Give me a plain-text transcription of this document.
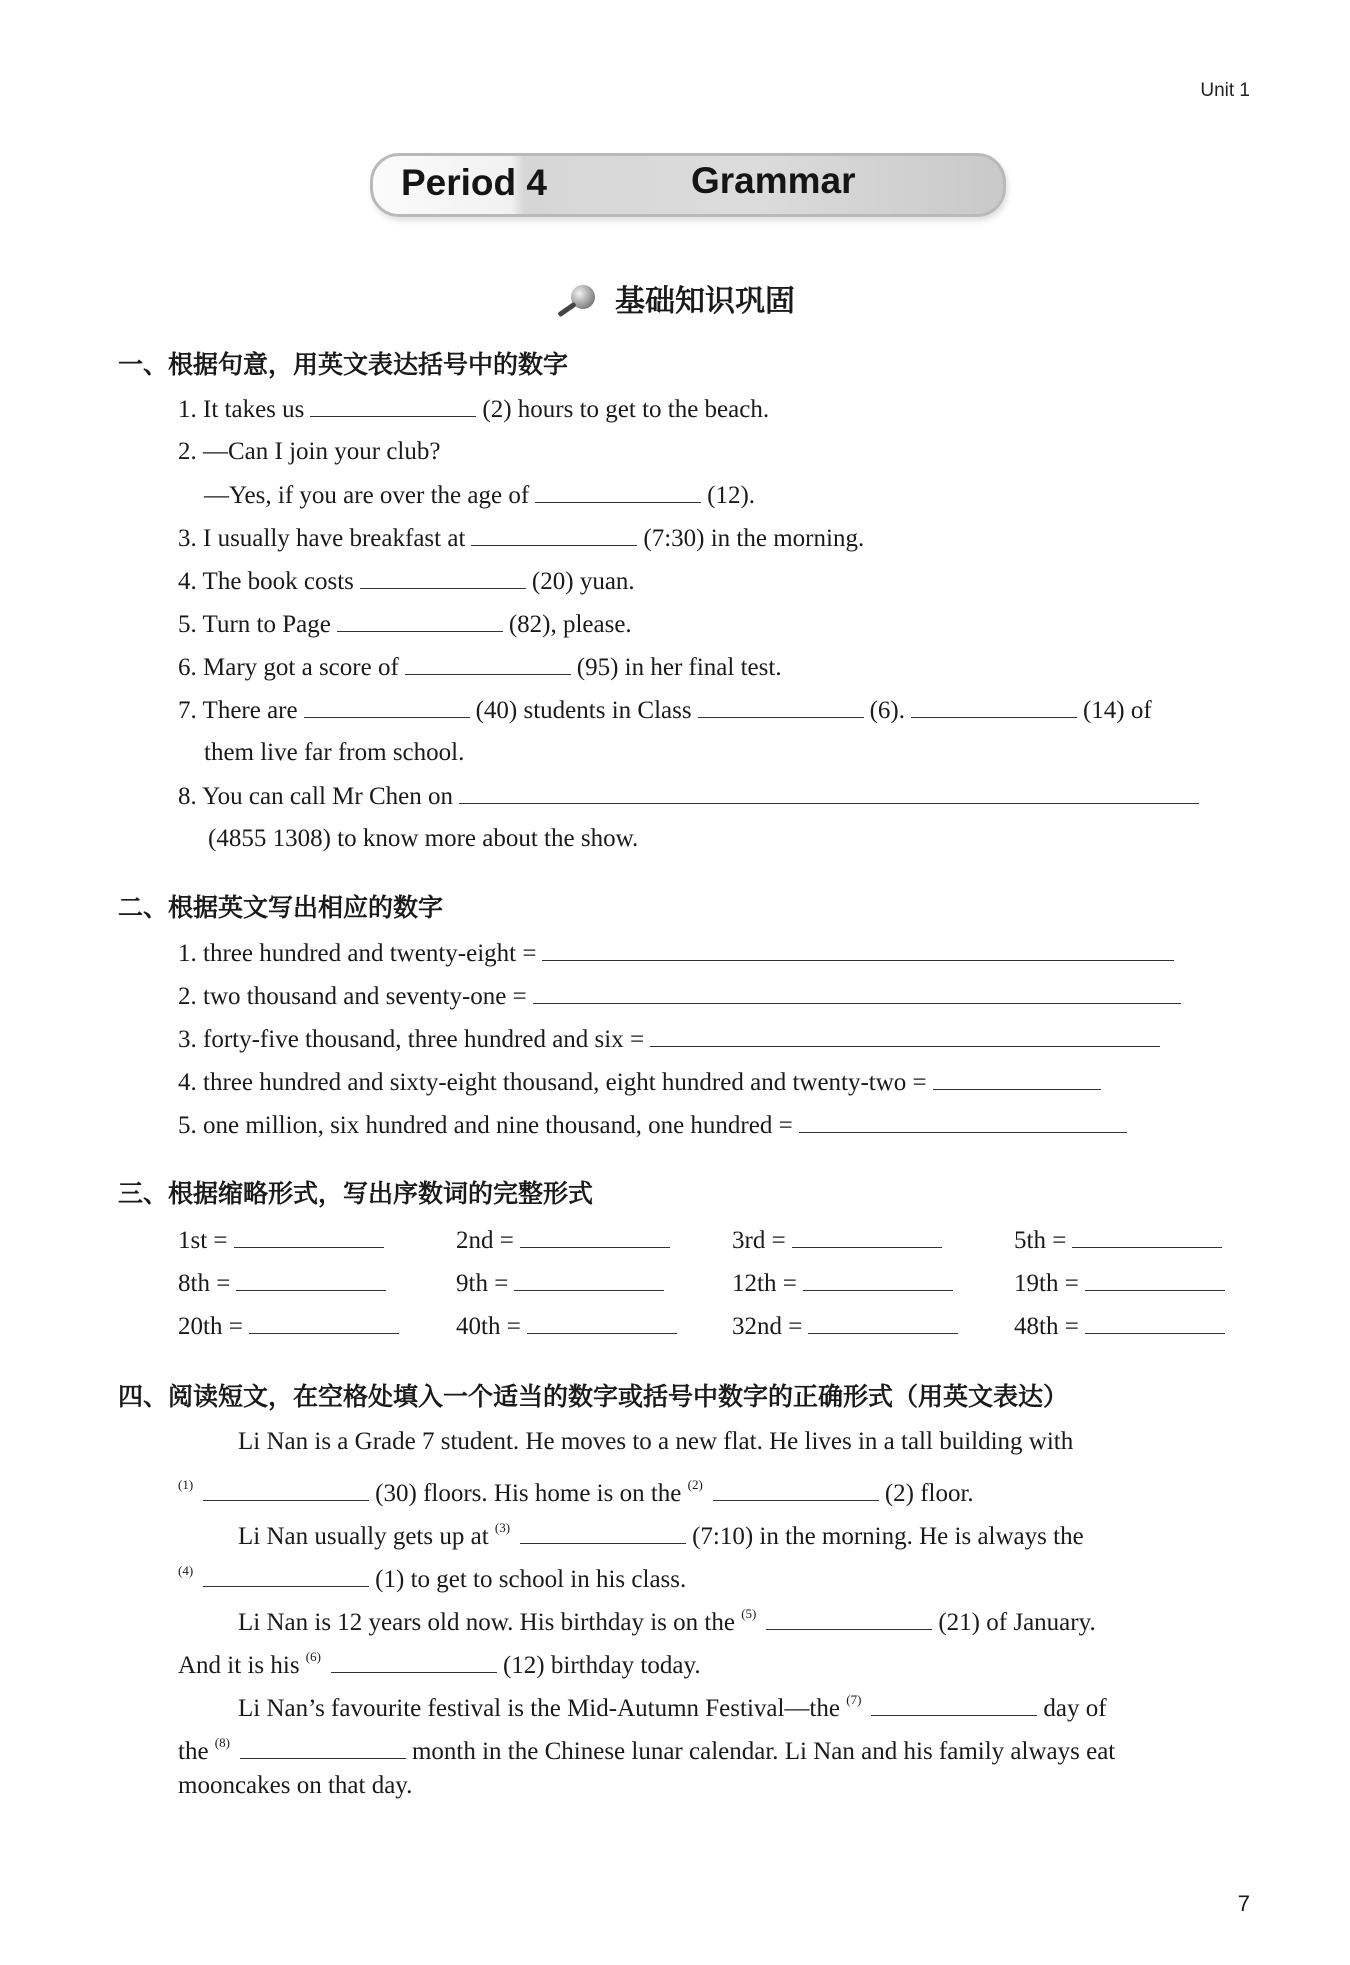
Unit 1
Period 4	Grammar
基础知识巩固
一、根据句意，用英文表达括号中的数字
1. It takes us	(2) hours to get to the beach.
2. —Can I join your club?
—Yes, if you are over the age of	(12).
3. I usually have breakfast at	(7:30) in the morning.
4. The book costs	(20) yuan.
5. Turn to Page	(82), please.
6. Mary got a score of	(95) in her final test.
7. There are	(40) students in Class	(6).	(14) of
them live far from school.
8. You can call Mr Chen on
(4855 1308) to know more about the show.
二、根据英文写出相应的数字
1. three hundred and twenty-eight =
2. two thousand and seventy-one =
3. forty-five thousand, three hundred and six =
4. three hundred and sixty-eight thousand, eight hundred and twenty-two =
5. one million, six hundred and nine thousand, one hundred =
三、根据缩略形式，写出序数词的完整形式
1st =	2nd =	3rd =	5th =
8th =	9th =	12th =	19th =
20th =	40th =	32nd =	48th =
四、阅读短文，在空格处填入一个适当的数字或括号中数字的正确形式（用英文表达）
Li Nan is a Grade 7 student. He moves to a new flat. He lives in a tall building with
$^{(1)}$	(30) floors. His home is on the $^{(2)}$	(2) floor.
Li Nan usually gets up at $^{(3)}$	(7:10) in the morning. He is always the
$^{(4)}$	(1) to get to school in his class.
Li Nan is 12 years old now. His birthday is on the $^{(5)}$	(21) of January.
And it is his $^{(6)}$	(12) birthday today.
Li Nan’s favourite festival is the Mid-Autumn Festival—the $^{(7)}$	day of
the $^{(8)}$	month in the Chinese lunar calendar. Li Nan and his family always eat
mooncakes on that day.
7
